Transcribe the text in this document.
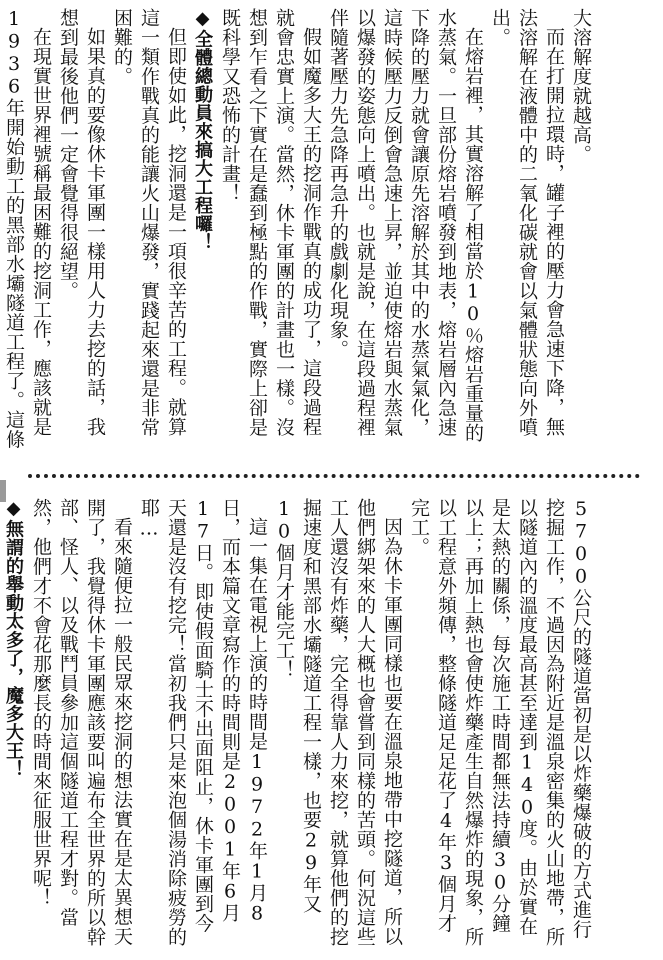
大溶解度就越高。

而在打開拉環時，罐子裡的壓力會急速下降，無法溶解在液體中的二氧化碳就會以氣體狀態向外噴出。

在熔岩裡，其實溶解了相當於10％熔岩重量的水蒸氣。一旦部份熔岩噴發到地表，熔岩層內急速下降的壓力就會讓原先溶解於其中的水蒸氣氣化，這時候壓力反倒會急速上昇，並迫使熔岩與水蒸氣以爆發的姿態向上噴出。也就是說，在這段過程裡伴隨著壓力先急降再急升的戲劇化現象。

假如魔多大王的挖洞作戰真的成功了，這段過程就會忠實上演。當然，休卡軍團的計畫也一樣。沒想到乍看之下實在是蠢到極點的作戰，實際上卻是既科學又恐怖的計畫！

◆全體總動員來搞大工程囉！

但即使如此，挖洞還是一項很辛苦的工程。就算這一類作戰真的能讓火山爆發，實踐起來還是非常困難的。

如果真的要像休卡軍團一樣用人力去挖的話，我想到最後他們一定會覺得很絕望。

在現實世界裡號稱最困難的挖洞工作，應該就是1936年開始動工的黑部水壩隧道工程了。這條

5700公尺的隧道當初是以炸藥爆破的方式進行挖掘工作，不過因為附近是溫泉密集的火山地帶，所以隧道內的溫度最高甚至達到140度。由於實在是太熱的關係，每次施工時間都無法持續30分鐘以上；再加上熱也會使炸藥產生自然爆炸的現象，所以工程意外頻傳，整條隧道足足花了4年3個月才完工。

因為休卡軍團同樣也要在溫泉地帶中挖隧道，所以他們綁架來的人大概也會嘗到同樣的苦頭。何況這些工人還沒有炸藥，完全得靠人力來挖，就算他們的挖掘速度和黑部水壩隧道工程一樣，也要29年又10個月才能完工！

這一集在電視上演的時間是1972年1月8日，而本篇文章寫作的時間則是2001年6月17日。即使假面騎士不出面阻止，休卡軍團到今天還是沒有挖完！當初我們只是來泡個湯消除疲勞的耶…

看來隨便拉一般民眾來挖洞的想法實在是太異想天開了，我覺得休卡軍團應該要叫遍布全世界的所以幹部、怪人、以及戰鬥員參加這個隧道工程才對。當然，他們才不會花那麼長的時間來征服世界呢！

◆無謂的舉動太多了，魔多大王！
